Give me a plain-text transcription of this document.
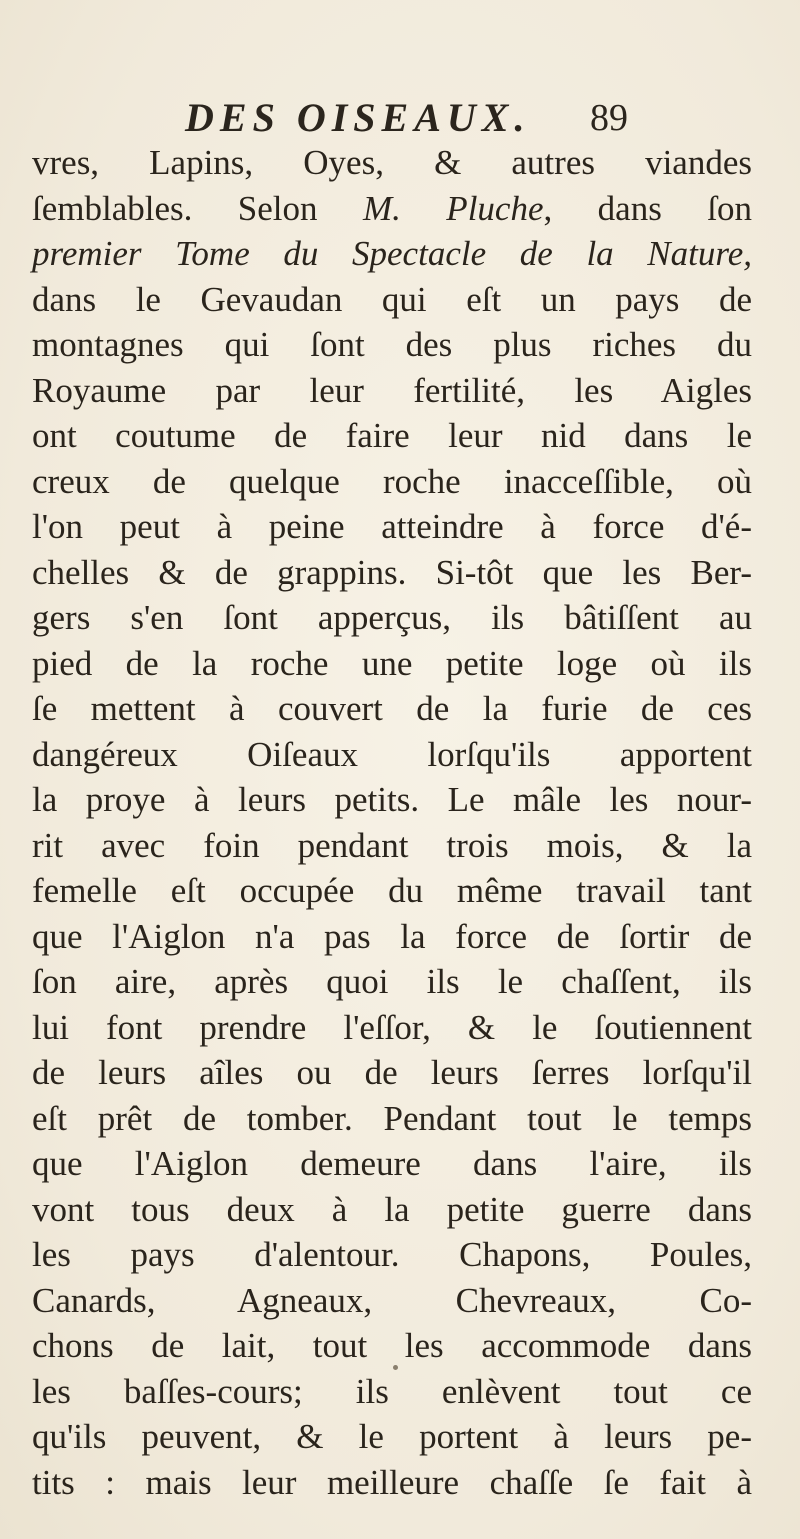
DES OISEAUX. 89
vres, Lapins, Oyes, & autres viandes
ſemblables. Selon M. Pluche, dans ſon
premier Tome du Spectacle de la Nature,
dans le Gevaudan qui eſt un pays de
montagnes qui ſont des plus riches du
Royaume par leur fertilité, les Aigles
ont coutume de faire leur nid dans le
creux de quelque roche inacceſſible, où
l'on peut à peine atteindre à force d'é-
chelles & de grappins. Si-tôt que les Ber-
gers s'en ſont apperçus, ils bâtiſſent au
pied de la roche une petite loge où ils
ſe mettent à couvert de la furie de ces
dangéreux Oiſeaux lorſqu'ils apportent
la proye à leurs petits. Le mâle les nour-
rit avec foin pendant trois mois, & la
femelle eſt occupée du même travail tant
que l'Aiglon n'a pas la force de ſortir de
ſon aire, après quoi ils le chaſſent, ils
lui font prendre l'eſſor, & le ſoutiennent
de leurs aîles ou de leurs ſerres lorſqu'il
eſt prêt de tomber. Pendant tout le temps
que l'Aiglon demeure dans l'aire, ils
vont tous deux à la petite guerre dans
les pays d'alentour. Chapons, Poules,
Canards, Agneaux, Chevreaux, Co-
chons de lait, tout les accommode dans
les baſſes-cours; ils enlèvent tout ce
qu'ils peuvent, & le portent à leurs pe-
tits : mais leur meilleure chaſſe ſe fait à
